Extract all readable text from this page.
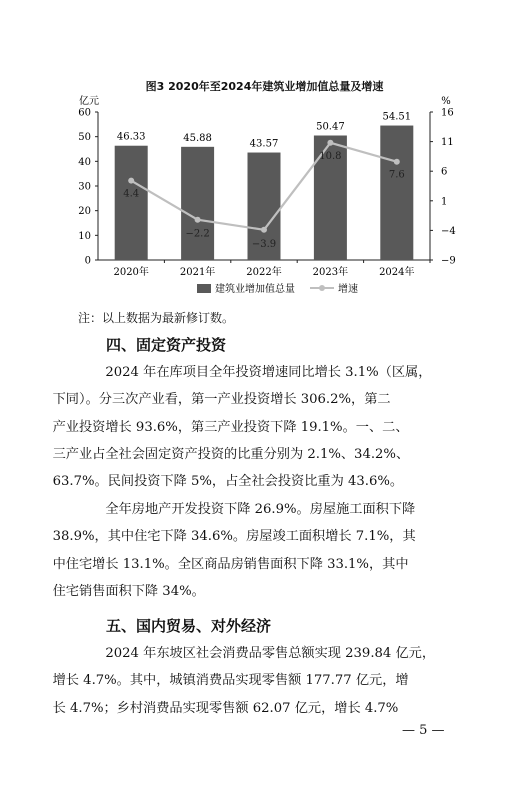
图3 2020年至2024年建筑业增加值总量及增速
亿元	%
0
10
20
30
40
50
60
−9
−4
1
6
11
16
46.33
2020年
45.88
2021年
43.57
2022年
50.47
2023年
54.51
2024年
4.4
−2.2
−3.9
10.8
7.6
建筑业增加值总量	增速
注：以上数据为最新修订数。
四、固定资产投资
2024 年在库项目全年投资增速同比增长 3.1%（区属，
下同）。分三次产业看，第一产业投资增长 306.2%，第二
产业投资增长 93.6%，第三产业投资下降 19.1%。一、二、
三产业占全社会固定资产投资的比重分别为 2.1%、34.2%、
63.7%。民间投资下降 5%，占全社会投资比重为 43.6%。
全年房地产开发投资下降 26.9%。房屋施工面积下降
38.9%，其中住宅下降 34.6%。房屋竣工面积增长 7.1%，其
中住宅增长 13.1%。全区商品房销售面积下降 33.1%，其中
住宅销售面积下降 34%。
五、国内贸易、对外经济
2024 年东坡区社会消费品零售总额实现 239.84 亿元，
增长 4.7%。其中，城镇消费品实现零售额 177.77 亿元，增
长 4.7%；乡村消费品实现零售额 62.07 亿元，增长 4.7%
— 5 —
